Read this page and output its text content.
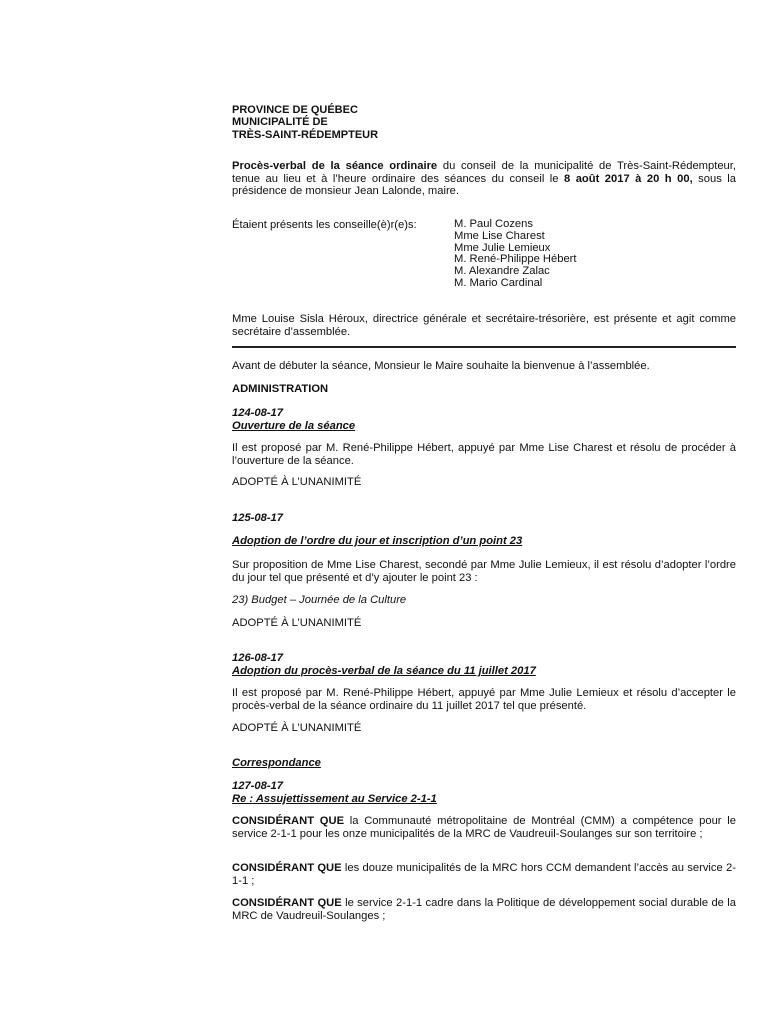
PROVINCE DE QUÉBEC
MUNICIPALITÉ DE
TRÈS-SAINT-RÉDEMPTEUR
Procès-verbal de la séance ordinaire du conseil de la municipalité de Très-Saint-Rédempteur, tenue au lieu et à l’heure ordinaire des séances du conseil le 8 août 2017 à 20 h 00, sous la présidence de monsieur Jean Lalonde, maire.
Étaient présents les conseille(è)r(e)s:	M. Paul Cozens
Mme Lise Charest
Mme Julie Lemieux
M. René-Philippe Hébert
M. Alexandre Zalac
M. Mario Cardinal
Mme Louise Sisla Héroux, directrice générale et secrétaire-trésorière, est présente et agit comme secrétaire d’assemblée.
Avant de débuter la séance, Monsieur le Maire souhaite la bienvenue à l’assemblée.
ADMINISTRATION
124-08-17
Ouverture de la séance
Il est proposé par M. René-Philippe Hébert, appuyé par Mme Lise Charest et résolu de procéder à l’ouverture de la séance.
ADOPTÉ À L’UNANIMITÉ
125-08-17
Adoption de l’ordre du jour et inscription d’un point 23
Sur proposition de Mme Lise Charest, secondé par Mme Julie Lemieux, il est résolu d’adopter l’ordre du jour tel que présenté et d’y ajouter le point 23 :
23) Budget – Journée de la Culture
ADOPTÉ À L’UNANIMITÉ
126-08-17
Adoption du procès-verbal de la séance du 11 juillet 2017
Il est proposé par M. René-Philippe Hébert, appuyé par Mme Julie Lemieux et résolu d’accepter le procès-verbal de la séance ordinaire du 11 juillet 2017 tel que présenté.
ADOPTÉ À L’UNANIMITÉ
Correspondance
127-08-17
Re : Assujettissement au Service 2-1-1
CONSIDÉRANT QUE la Communauté métropolitaine de Montréal (CMM) a compétence pour le service 2-1-1 pour les onze municipalités de la MRC de Vaudreuil-Soulanges sur son territoire ;
CONSIDÉRANT QUE les douze municipalités de la MRC hors CCM demandent l’accès au service 2-1-1 ;
CONSIDÉRANT QUE le service 2-1-1 cadre dans la Politique de développement social durable de la MRC de Vaudreuil-Soulanges ;
